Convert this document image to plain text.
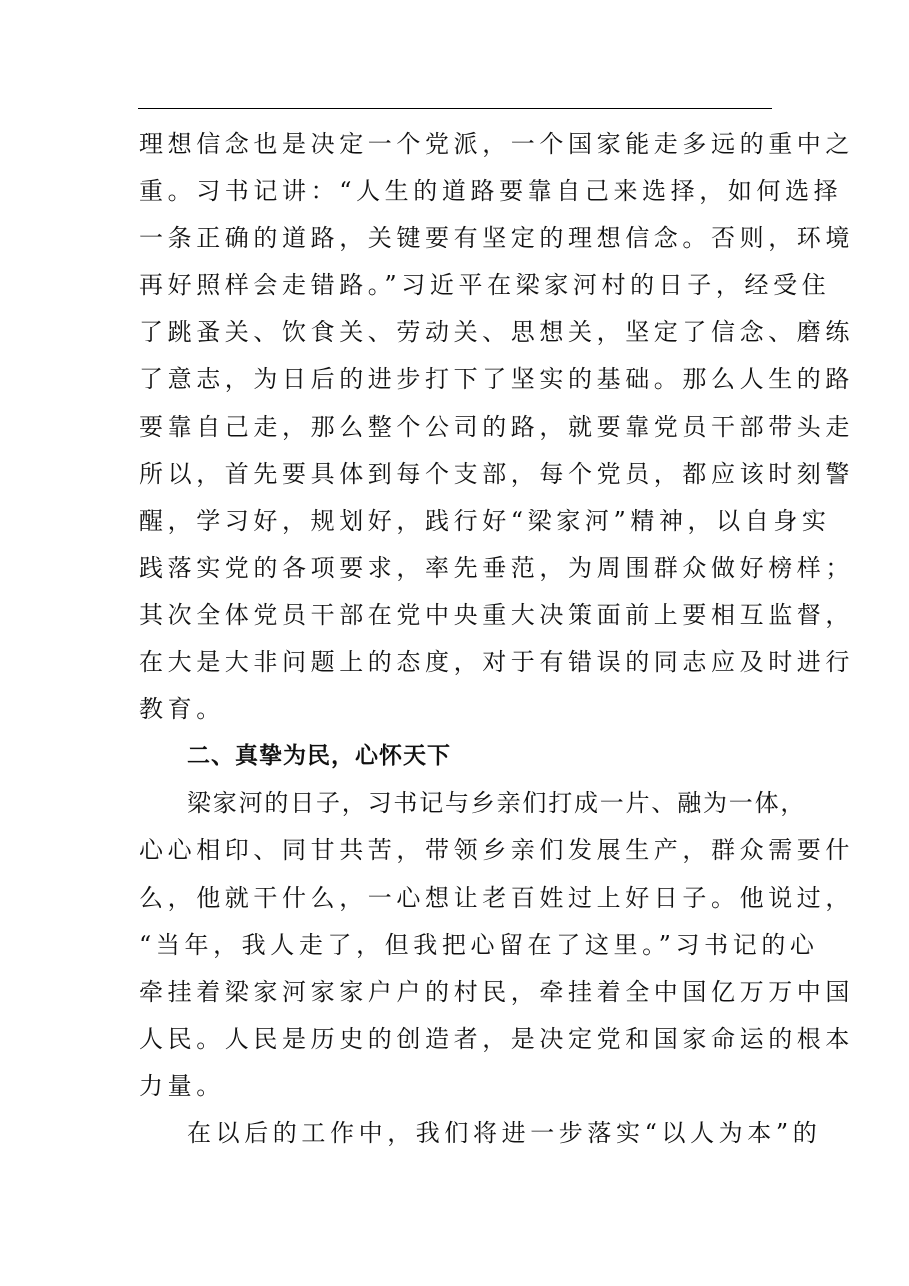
理想信念也是决定一个党派，一个国家能走多远的重中之
重。习书记讲：“人生的道路要靠自己来选择，如何选择
一条正确的道路，关键要有坚定的理想信念。否则，环境
再好照样会走错路。”习近平在梁家河村的日子，经受住
了跳蚤关、饮食关、劳动关、思想关，坚定了信念、磨练
了意志，为日后的进步打下了坚实的基础。那么人生的路
要靠自己走，那么整个公司的路，就要靠党员干部带头走
所以，首先要具体到每个支部，每个党员，都应该时刻警
醒，学习好，规划好，践行好“梁家河”精神，以自身实
践落实党的各项要求，率先垂范，为周围群众做好榜样；
其次全体党员干部在党中央重大决策面前上要相互监督，
在大是大非问题上的态度，对于有错误的同志应及时进行
教育。
二、真挚为民，心怀天下
梁家河的日子，习书记与乡亲们打成一片、融为一体，
心心相印、同甘共苦，带领乡亲们发展生产，群众需要什
么，他就干什么，一心想让老百姓过上好日子。他说过，
“当年，我人走了，但我把心留在了这里。”习书记的心
牵挂着梁家河家家户户的村民，牵挂着全中国亿万万中国
人民。人民是历史的创造者，是决定党和国家命运的根本
力量。
在以后的工作中，我们将进一步落实“以人为本”的
